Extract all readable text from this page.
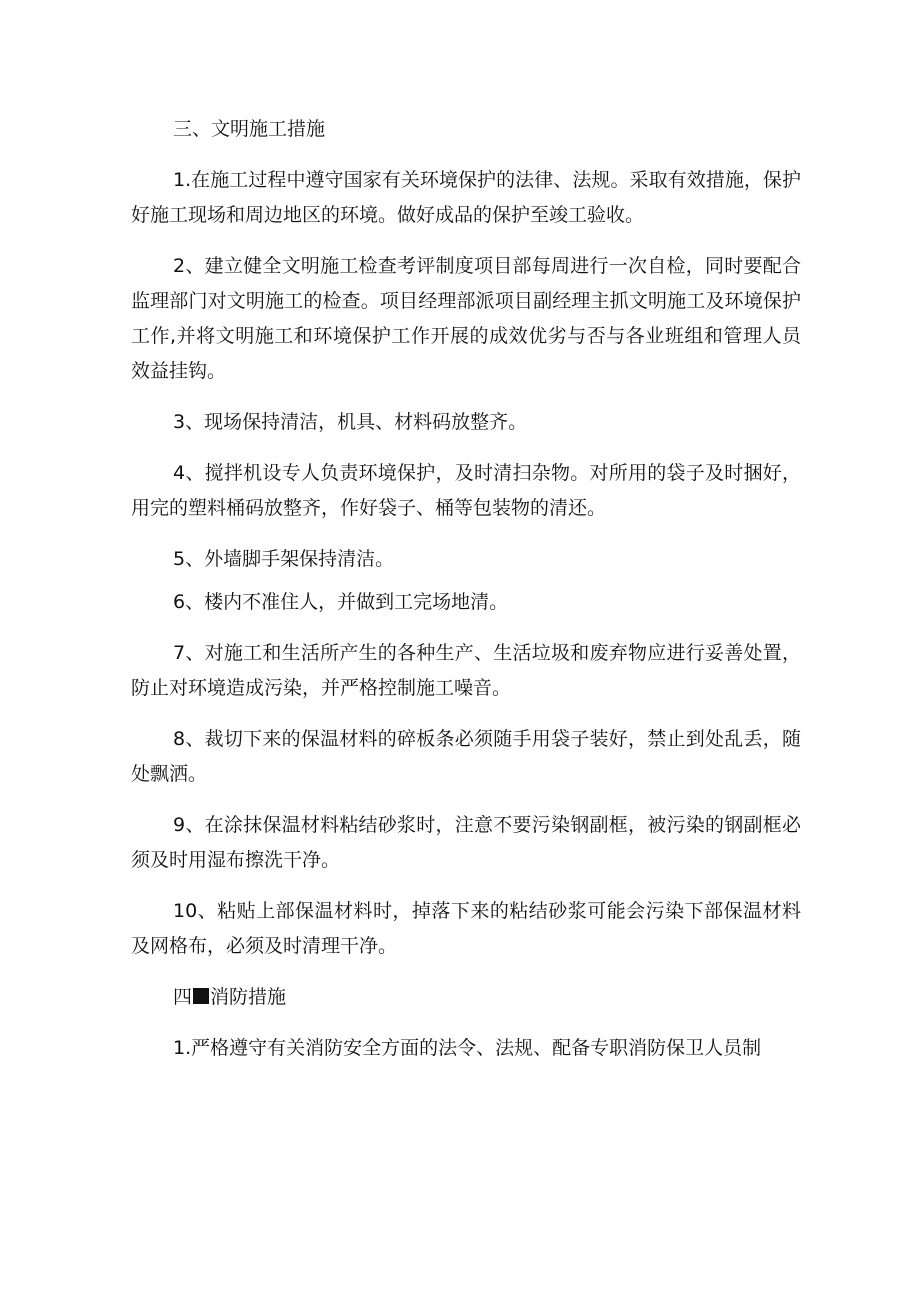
三、文明施工措施

1.在施工过程中遵守国家有关环境保护的法律、法规。采取有效措施，保护好施工现场和周边地区的环境。做好成品的保护至竣工验收。

2、建立健全文明施工检查考评制度项目部每周进行一次自检，同时要配合监理部门对文明施工的检查。项目经理部派项目副经理主抓文明施工及环境保护工作,并将文明施工和环境保护工作开展的成效优劣与否与各业班组和管理人员效益挂钩。

3、现场保持清洁，机具、材料码放整齐。

4、搅拌机设专人负责环境保护，及时清扫杂物。对所用的袋子及时捆好，用完的塑料桶码放整齐，作好袋子、桶等包装物的清还。

5、外墙脚手架保持清洁。

6、楼内不准住人，并做到工完场地清。

7、对施工和生活所产生的各种生产、生活垃圾和废弃物应进行妥善处置，防止对环境造成污染，并严格控制施工噪音。

8、裁切下来的保温材料的碎板条必须随手用袋子装好，禁止到处乱丢，随处飘洒。

9、在涂抹保温材料粘结砂浆时，注意不要污染钢副框，被污染的钢副框必须及时用湿布擦洗干净。

10、粘贴上部保温材料时，掉落下来的粘结砂浆可能会污染下部保温材料及网格布，必须及时清理干净。

四 消防措施

1.严格遵守有关消防安全方面的法令、法规、配备专职消防保卫人员制
